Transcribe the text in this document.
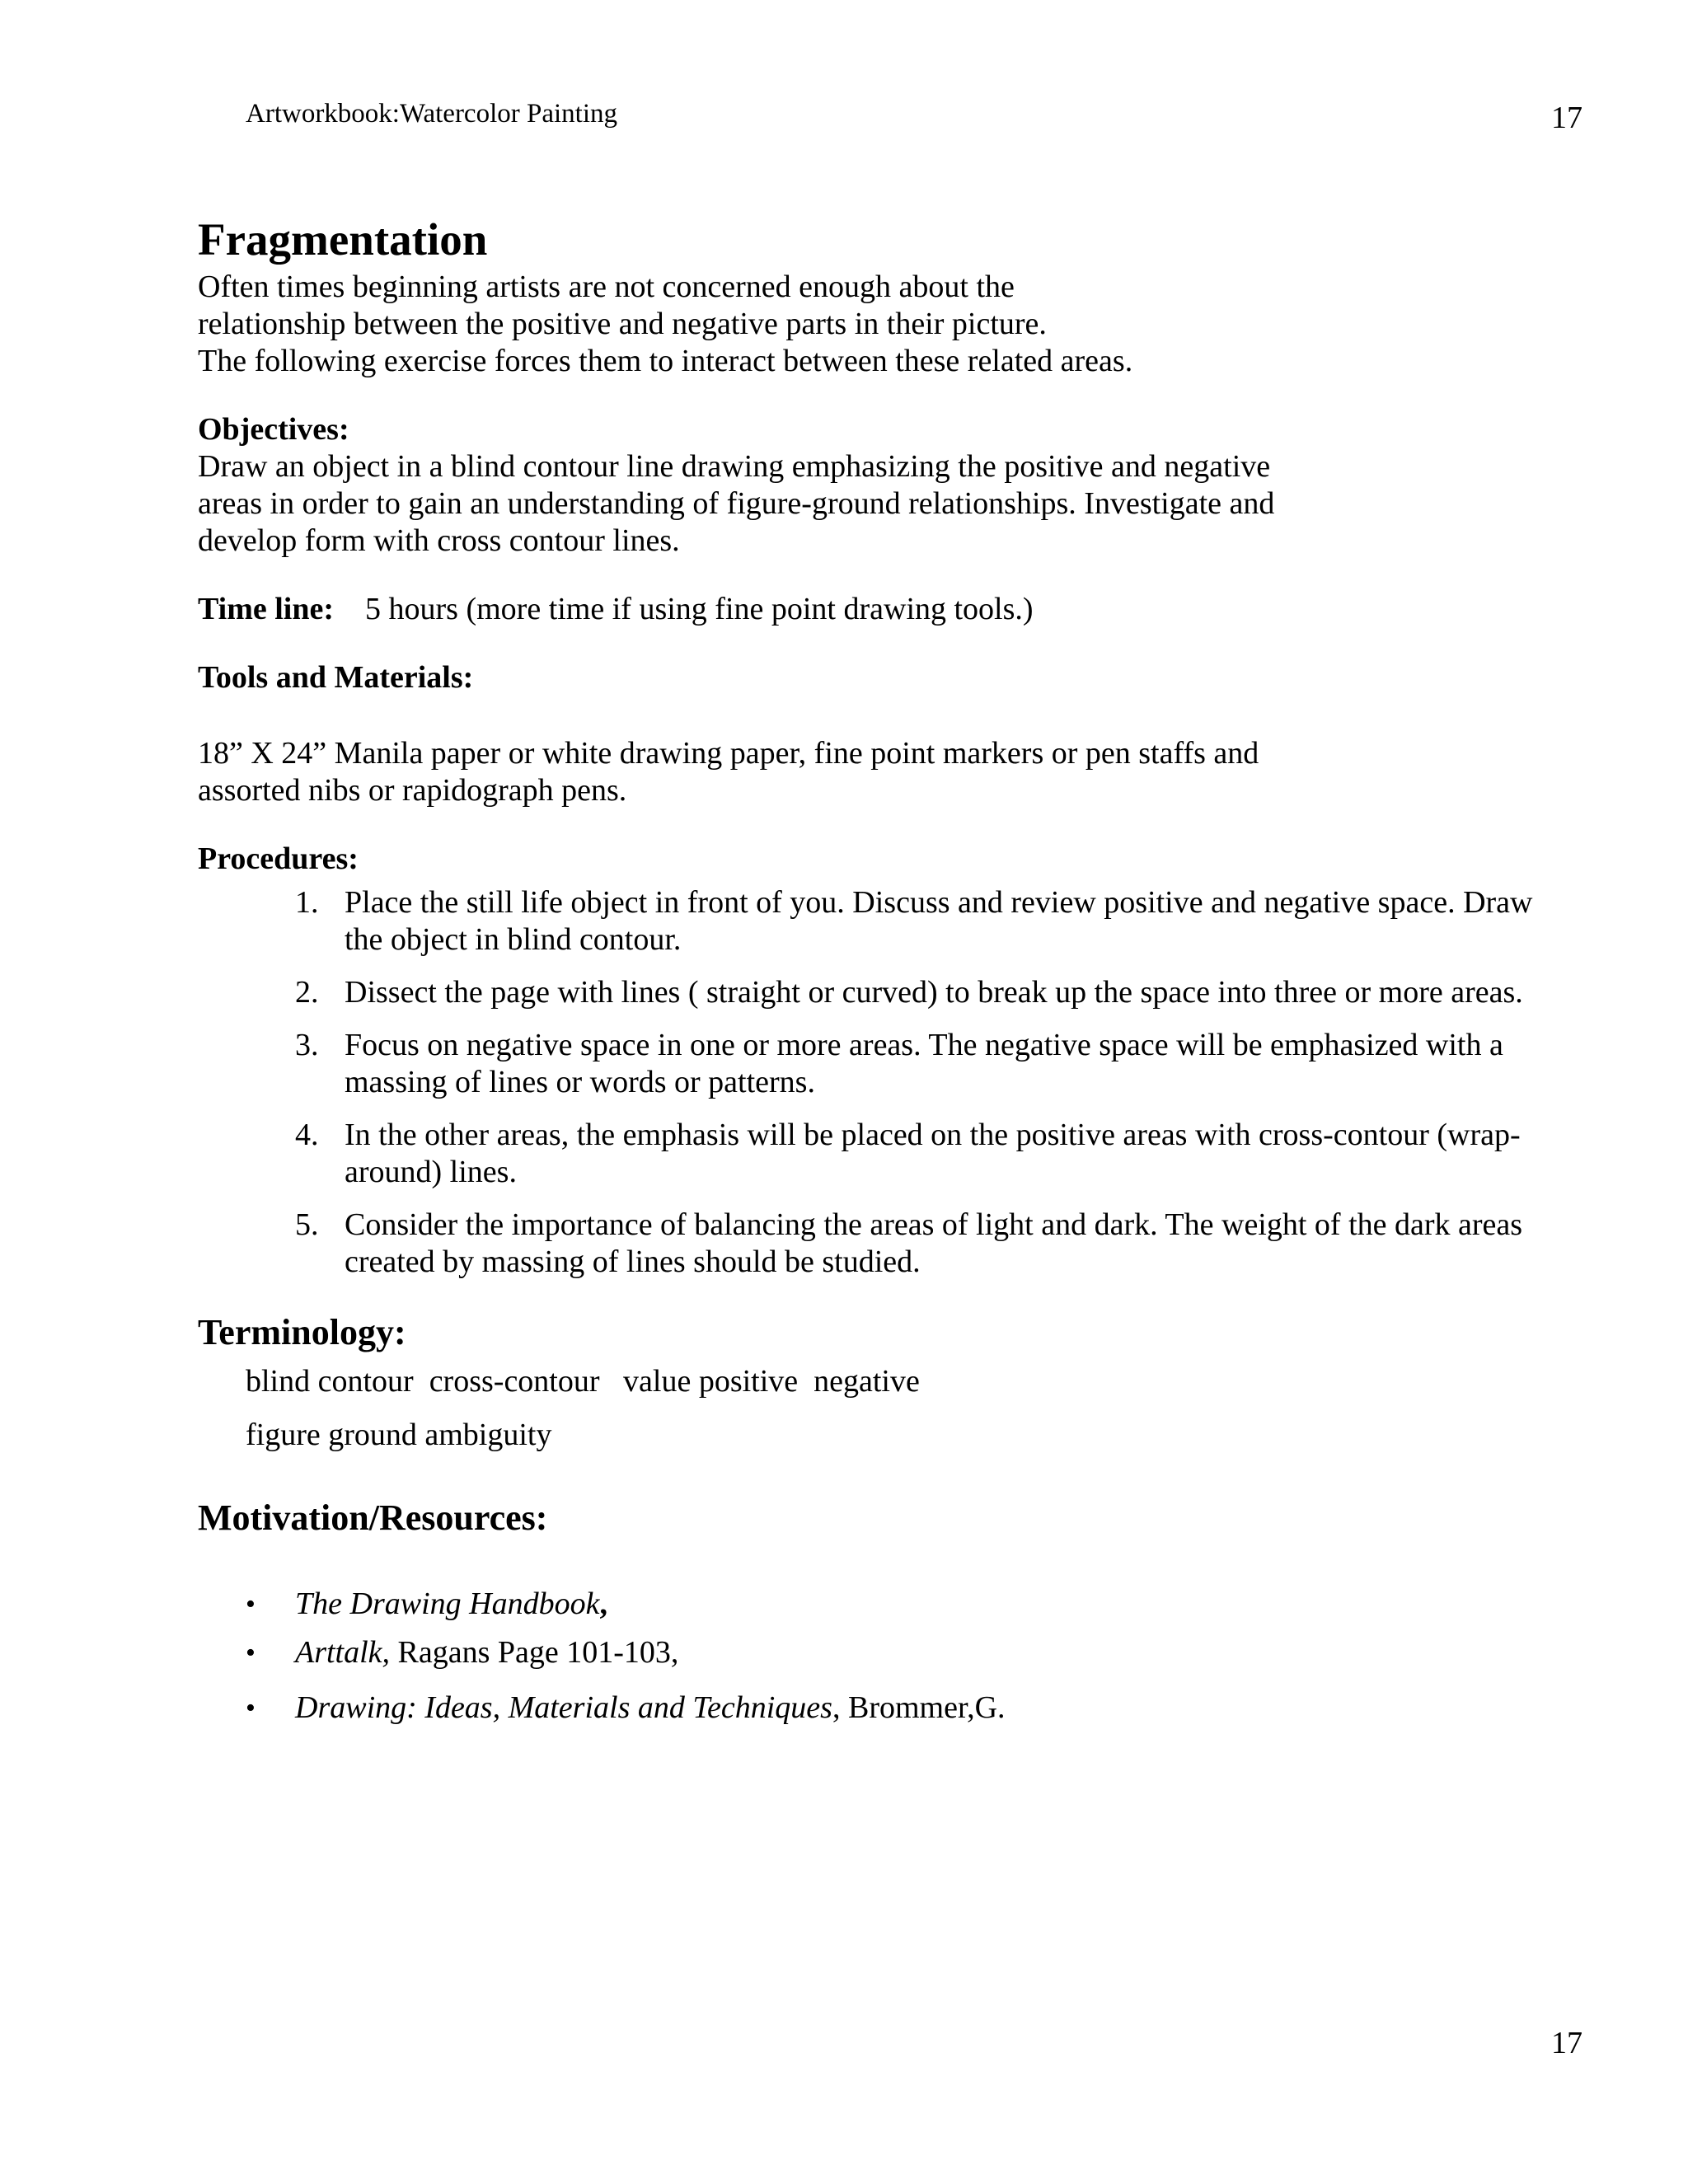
Artworkbook:Watercolor Painting	17
Fragmentation
Often times beginning artists are not concerned enough about the
relationship between the positive and negative parts in their picture.
The following exercise forces them to interact between these related areas.
Objectives:
Draw an object in a blind contour line drawing emphasizing the positive and negative
areas in order to gain an understanding of figure-ground relationships. Investigate and
develop form with cross contour lines.
Time line: 5 hours (more time if using fine point drawing tools.)
Tools and Materials:
18” X 24” Manila paper or white drawing paper, fine point markers or pen staffs and
assorted nibs or rapidograph pens.
Procedures:
1. Place the still life object in front of you. Discuss and review positive and negative space. Draw
the object in blind contour.
2. Dissect the page with lines ( straight or curved) to break up the space into three or more areas.
3. Focus on negative space in one or more areas. The negative space will be emphasized with a
massing of lines or words or patterns.
4. In the other areas, the emphasis will be placed on the positive areas with cross-contour (wrap-
around) lines.
5. Consider the importance of balancing the areas of light and dark. The weight of the dark areas
created by massing of lines should be studied.
Terminology:
blind contour  cross-contour   value positive  negative
figure ground ambiguity
Motivation/Resources:
• The Drawing Handbook,
• Arttalk, Ragans Page 101-103,
• Drawing: Ideas, Materials and Techniques, Brommer,G.
17
